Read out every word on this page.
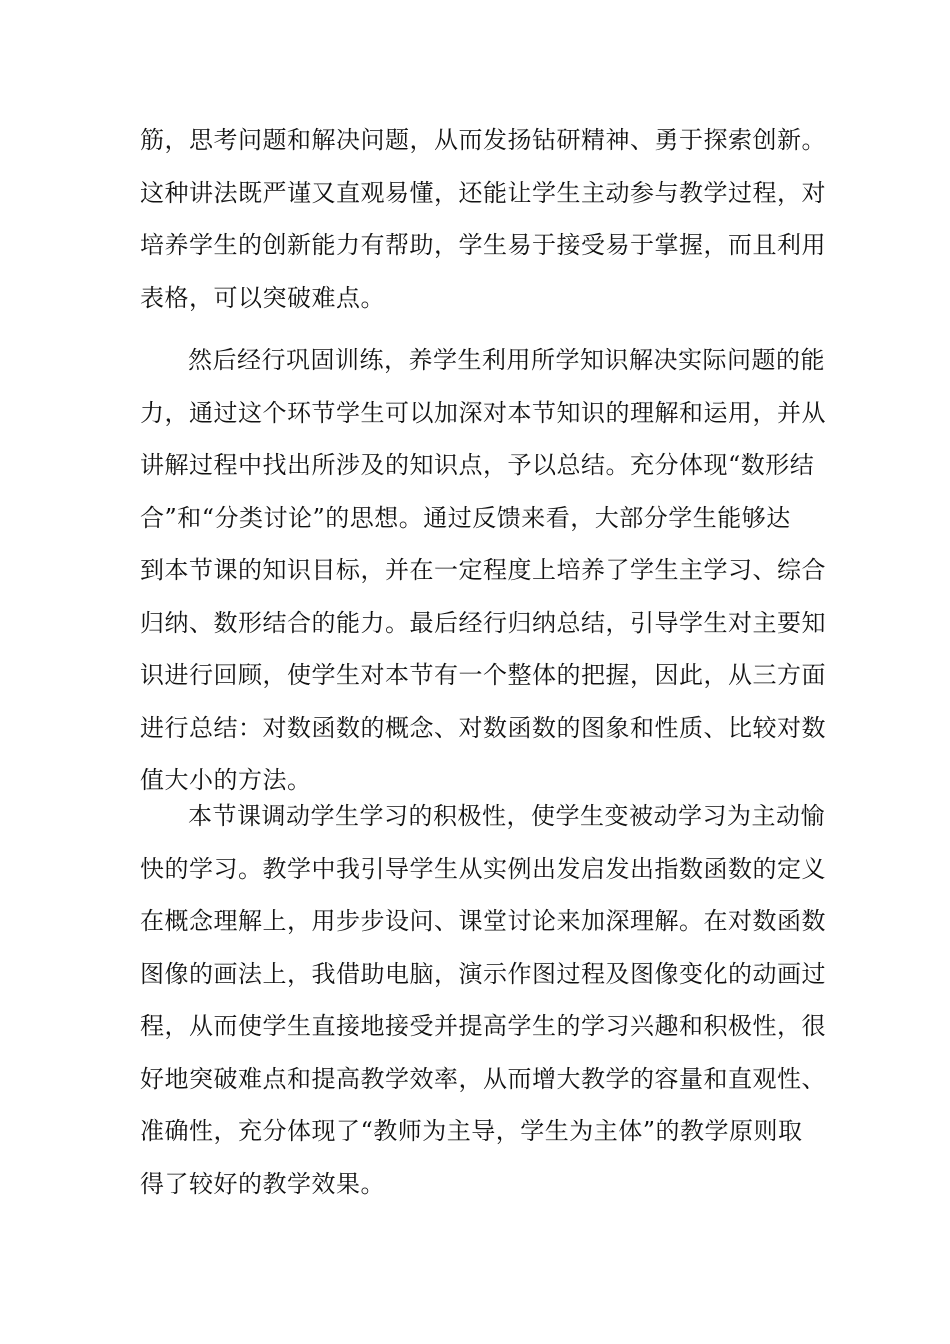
筋，思考问题和解决问题，从而发扬钻研精神、勇于探索创新。
这种讲法既严谨又直观易懂，还能让学生主动参与教学过程，对
培养学生的创新能力有帮助，学生易于接受易于掌握，而且利用
表格，可以突破难点。
然后经行巩固训练，养学生利用所学知识解决实际问题的能
力，通过这个环节学生可以加深对本节知识的理解和运用，并从
讲解过程中找出所涉及的知识点，予以总结。充分体现“数形结
合”和“分类讨论”的思想。通过反馈来看，大部分学生能够达
到本节课的知识目标，并在一定程度上培养了学生主学习、综合
归纳、数形结合的能力。最后经行归纳总结，引导学生对主要知
识进行回顾，使学生对本节有一个整体的把握，因此，从三方面
进行总结：对数函数的概念、对数函数的图象和性质、比较对数
值大小的方法。
本节课调动学生学习的积极性，使学生变被动学习为主动愉
快的学习。教学中我引导学生从实例出发启发出指数函数的定义
在概念理解上，用步步设问、课堂讨论来加深理解。在对数函数
图像的画法上，我借助电脑，演示作图过程及图像变化的动画过
程，从而使学生直接地接受并提高学生的学习兴趣和积极性，很
好地突破难点和提高教学效率，从而增大教学的容量和直观性、
准确性，充分体现了“教师为主导，学生为主体”的教学原则取
得了较好的教学效果。
